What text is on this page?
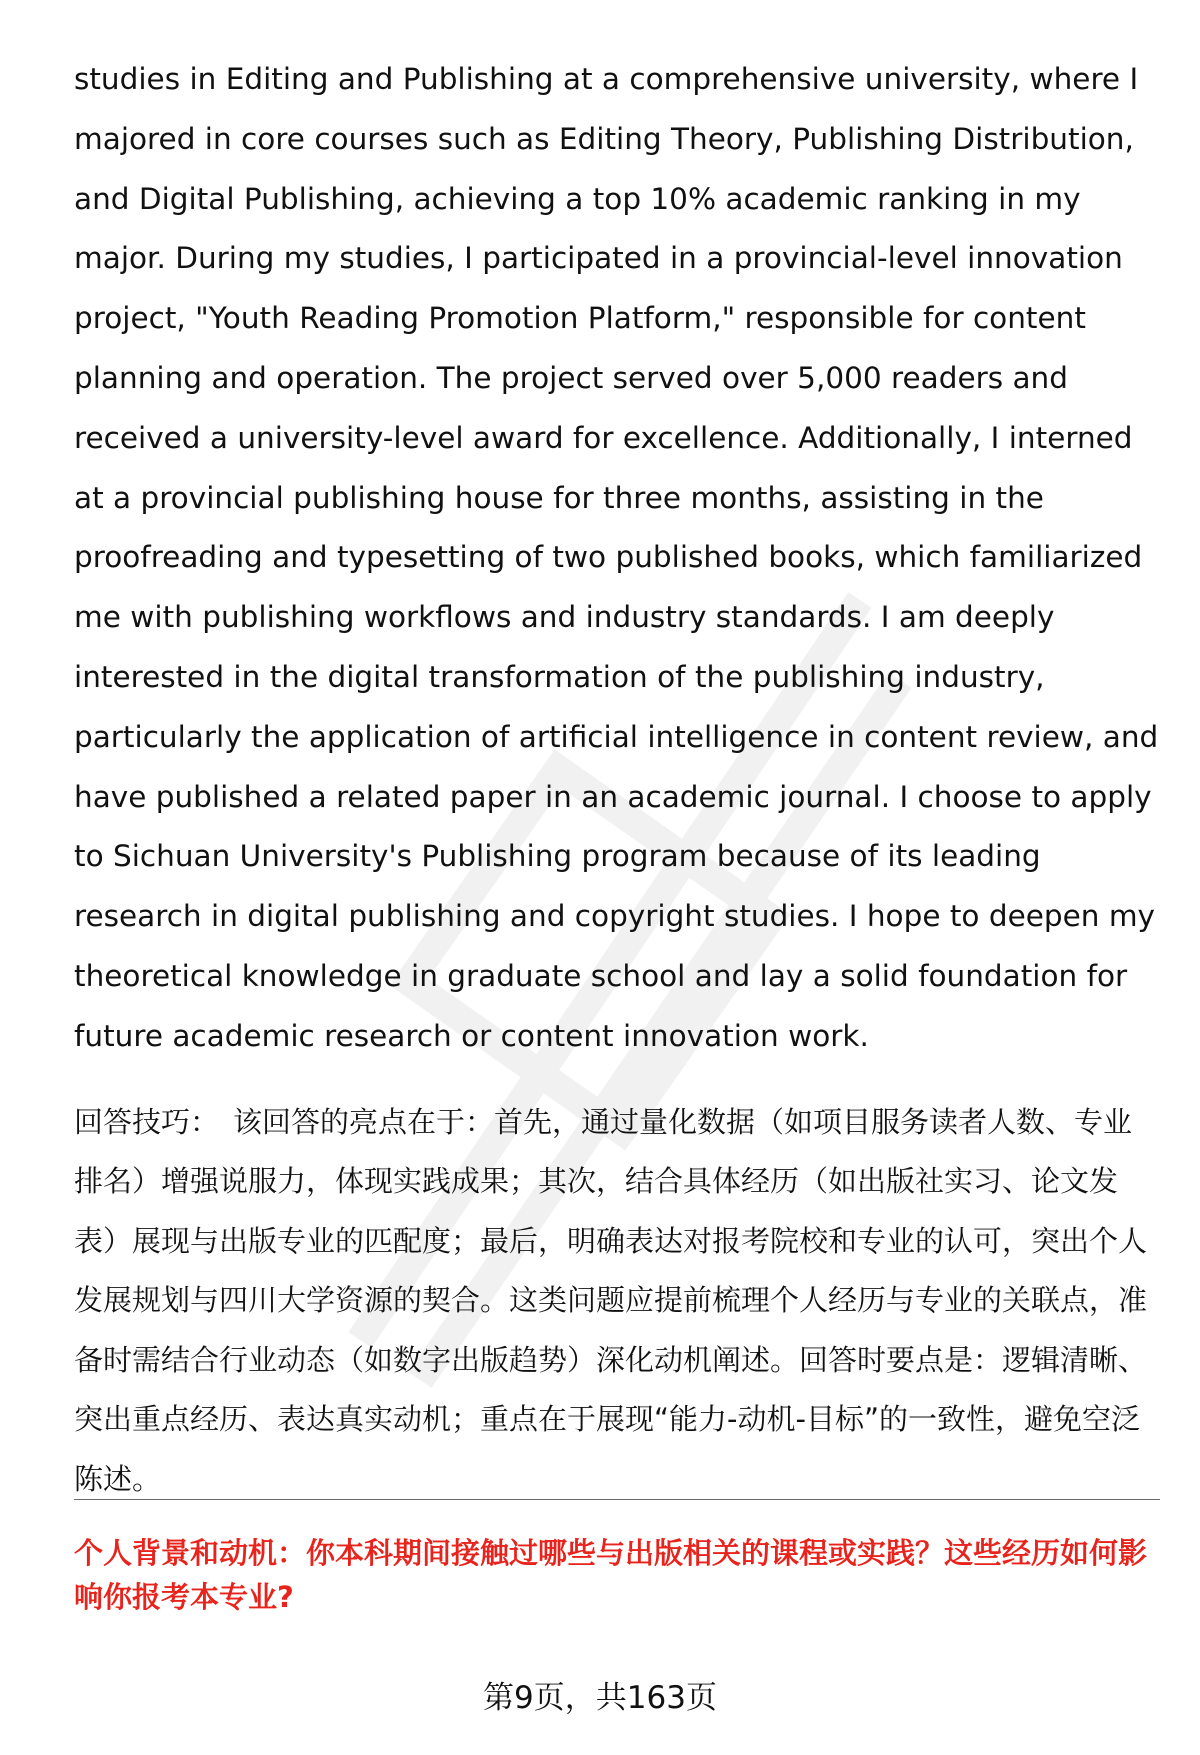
studies in Editing and Publishing at a comprehensive university, where I majored in core courses such as Editing Theory, Publishing Distribution, and Digital Publishing, achieving a top 10% academic ranking in my major. During my studies, I participated in a provincial-level innovation project, "Youth Reading Promotion Platform," responsible for content planning and operation. The project served over 5,000 readers and received a university-level award for excellence. Additionally, I interned at a provincial publishing house for three months, assisting in the proofreading and typesetting of two published books, which familiarized me with publishing workflows and industry standards. I am deeply interested in the digital transformation of the publishing industry, particularly the application of artificial intelligence in content review, and have published a related paper in an academic journal. I choose to apply to Sichuan University's Publishing program because of its leading research in digital publishing and copyright studies. I hope to deepen my theoretical knowledge in graduate school and lay a solid foundation for future academic research or content innovation work.

回答技巧： 该回答的亮点在于：首先，通过量化数据（如项目服务读者人数、专业排名）增强说服力，体现实践成果；其次，结合具体经历（如出版社实习、论文发表）展现与出版专业的匹配度；最后，明确表达对报考院校和专业的认可，突出个人发展规划与四川大学资源的契合。这类问题应提前梳理个人经历与专业的关联点，准备时需结合行业动态（如数字出版趋势）深化动机阐述。回答时要点是：逻辑清晰、突出重点经历、表达真实动机；重点在于展现“能力-动机-目标”的一致性，避免空泛陈述。

个人背景和动机：你本科期间接触过哪些与出版相关的课程或实践？这些经历如何影响你报考本专业?

第9页，共163页
